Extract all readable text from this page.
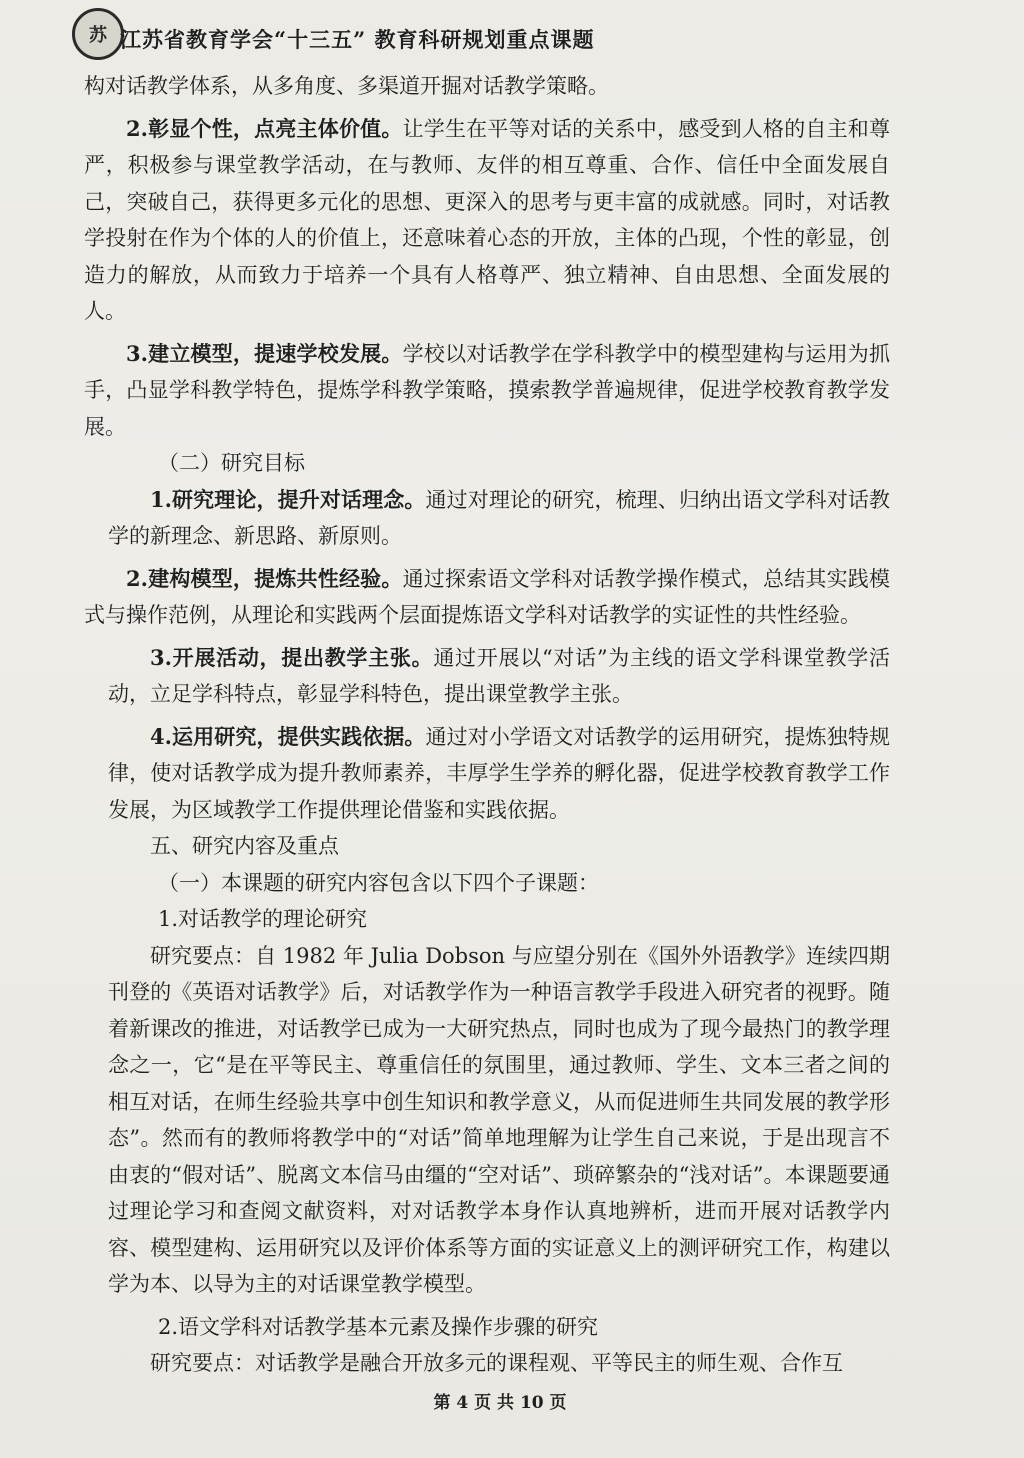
苏 江苏省教育学会“十三五” 教育科研规划重点课题

构对话教学体系，从多角度、多渠道开掘对话教学策略。

2.彰显个性，点亮主体价值。让学生在平等对话的关系中，感受到人格的自主和尊严，积极参与课堂教学活动，在与教师、友伴的相互尊重、合作、信任中全面发展自己，突破自己，获得更多元化的思想、更深入的思考与更丰富的成就感。同时，对话教学投射在作为个体的人的价值上，还意味着心态的开放，主体的凸现，个性的彰显，创造力的解放，从而致力于培养一个具有人格尊严、独立精神、自由思想、全面发展的人。

3.建立模型，提速学校发展。学校以对话教学在学科教学中的模型建构与运用为抓手，凸显学科教学特色，提炼学科教学策略，摸索教学普遍规律，促进学校教育教学发展。

（二）研究目标

1.研究理论，提升对话理念。通过对理论的研究，梳理、归纳出语文学科对话教学的新理念、新思路、新原则。

2.建构模型，提炼共性经验。通过探索语文学科对话教学操作模式，总结其实践模式与操作范例，从理论和实践两个层面提炼语文学科对话教学的实证性的共性经验。

3.开展活动，提出教学主张。通过开展以“对话”为主线的语文学科课堂教学活动，立足学科特点，彰显学科特色，提出课堂教学主张。

4.运用研究，提供实践依据。通过对小学语文对话教学的运用研究，提炼独特规律，使对话教学成为提升教师素养，丰厚学生学养的孵化器，促进学校教育教学工作发展，为区域教学工作提供理论借鉴和实践依据。

五、研究内容及重点

（一）本课题的研究内容包含以下四个子课题：

1.对话教学的理论研究

研究要点：自 1982 年 Julia Dobson 与应望分别在《国外外语教学》连续四期刊登的《英语对话教学》后，对话教学作为一种语言教学手段进入研究者的视野。随着新课改的推进，对话教学已成为一大研究热点，同时也成为了现今最热门的教学理念之一，它“是在平等民主、尊重信任的氛围里，通过教师、学生、文本三者之间的相互对话，在师生经验共享中创生知识和教学意义，从而促进师生共同发展的教学形态”。然而有的教师将教学中的“对话”简单地理解为让学生自己来说，于是出现言不由衷的“假对话”、脱离文本信马由缰的“空对话”、琐碎繁杂的“浅对话”。本课题要通过理论学习和查阅文献资料，对对话教学本身作认真地辨析，进而开展对话教学内容、模型建构、运用研究以及评价体系等方面的实证意义上的测评研究工作，构建以学为本、以导为主的对话课堂教学模型。

2.语文学科对话教学基本元素及操作步骤的研究

研究要点：对话教学是融合开放多元的课程观、平等民主的师生观、合作互

第 4 页 共 10 页
